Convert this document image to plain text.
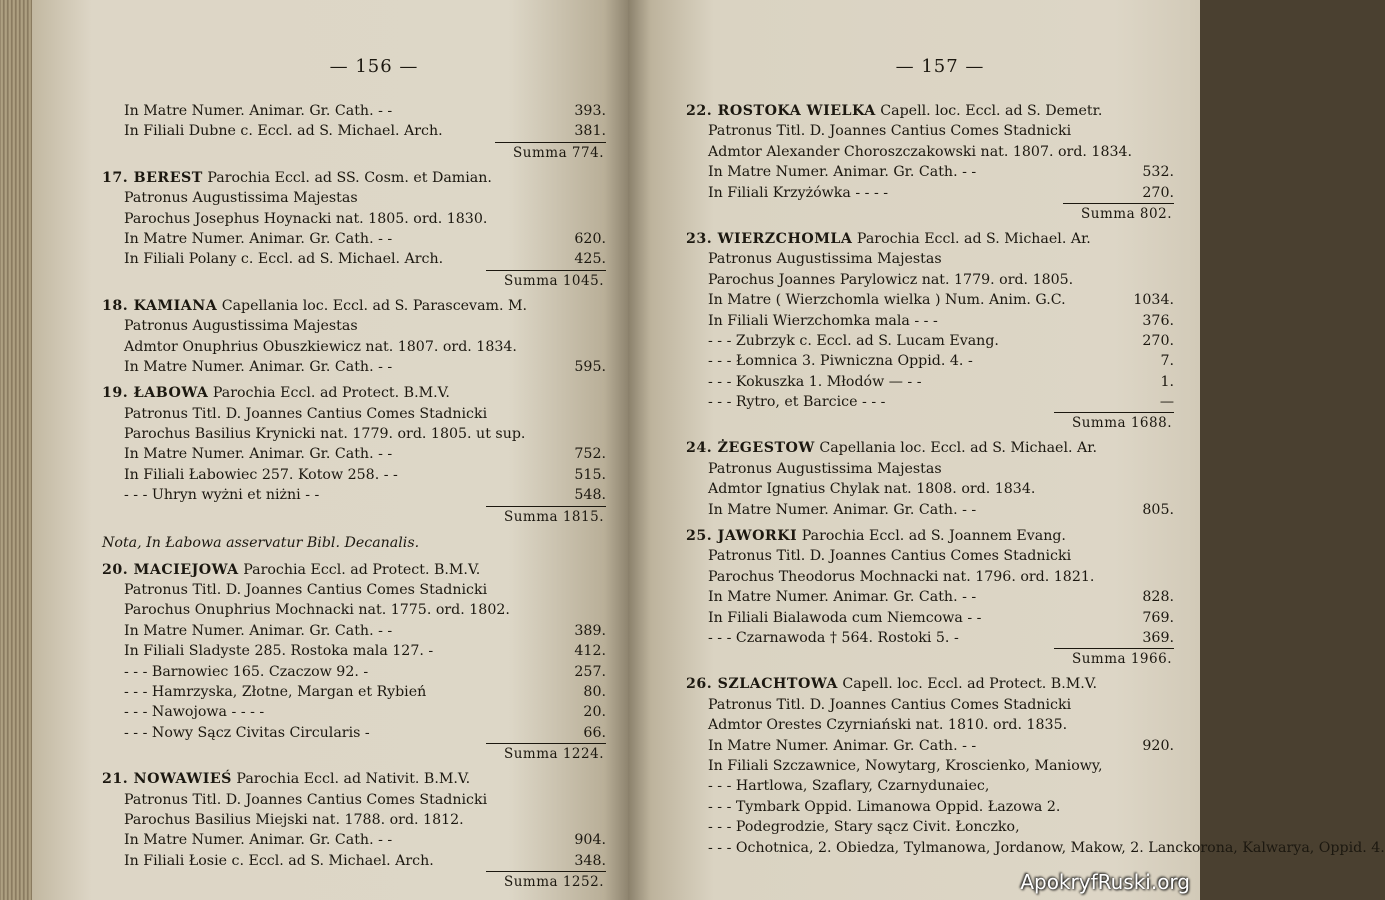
— 156 —
In Matre Numer. Animar. Gr. Cath. - -	393.
In Filiali Dubne c. Eccl. ad S. Michael. Arch.	381.
Summa 774.
17. BEREST Parochia Eccl. ad SS. Cosm. et Damian.
Patronus Augustissima Majestas
Parochus Josephus Hoynacki nat. 1805. ord. 1830.
In Matre Numer. Animar. Gr. Cath. - -	620.
In Filiali Polany c. Eccl. ad S. Michael. Arch.	425.
Summa 1045.
18. KAMIANA Capellania loc. Eccl. ad S. Parascevam. M.
Patronus Augustissima Majestas
Admtor Onuphrius Obuszkiewicz nat. 1807. ord. 1834.
In Matre Numer. Animar. Gr. Cath. - -	595.
19. ŁABOWA Parochia Eccl. ad Protect. B.M.V.
Patronus Titl. D. Joannes Cantius Comes Stadnicki
Parochus Basilius Krynicki nat. 1779. ord. 1805. ut sup.
In Matre Numer. Animar. Gr. Cath. - -	752.
In Filiali Łabowiec 257. Kotow 258. - -	515.
- - - Uhryn wyżni et niżni - -	548.
Summa 1815.
Nota, In Łabowa asservatur Bibl. Decanalis.
20. MACIEJOWA Parochia Eccl. ad Protect. B.M.V.
Patronus Titl. D. Joannes Cantius Comes Stadnicki
Parochus Onuphrius Mochnacki nat. 1775. ord. 1802.
In Matre Numer. Animar. Gr. Cath. - -	389.
In Filiali Sladyste 285. Rostoka mala 127. -	412.
- - - Barnowiec 165. Czaczow 92. -	257.
- - - Hamrzyska, Złotne, Margan et Rybień	80.
- - - Nawojowa - - - -	20.
- - - Nowy Sącz Civitas Circularis -	66.
Summa 1224.
21. NOWAWIEŚ Parochia Eccl. ad Nativit. B.M.V.
Patronus Titl. D. Joannes Cantius Comes Stadnicki
Parochus Basilius Miejski nat. 1788. ord. 1812.
In Matre Numer. Animar. Gr. Cath. - -	904.
In Filiali Łosie c. Eccl. ad S. Michael. Arch.	348.
Summa 1252.
— 157 —
22. ROSTOKA WIELKA Capell. loc. Eccl. ad S. Demetr.
Patronus Titl. D. Joannes Cantius Comes Stadnicki
Admtor Alexander Choroszczakowski nat. 1807. ord. 1834.
In Matre Numer. Animar. Gr. Cath. - -	532.
In Filiali Krzyżówka - - - -	270.
Summa 802.
23. WIERZCHOMLA Parochia Eccl. ad S. Michael. Ar.
Patronus Augustissima Majestas
Parochus Joannes Parylowicz nat. 1779. ord. 1805.
In Matre ( Wierzchomla wielka ) Num. Anim. G.C.	1034.
In Filiali Wierzchomka mala - - -	376.
- - - Zubrzyk c. Eccl. ad S. Lucam Evang.	270.
- - - Łomnica 3. Piwniczna Oppid. 4. -	7.
- - - Kokuszka 1. Młodów — - -	1.
- - - Rytro, et Barcice - - -	—
Summa 1688.
24. ŻEGESTOW Capellania loc. Eccl. ad S. Michael. Ar.
Patronus Augustissima Majestas
Admtor Ignatius Chylak nat. 1808. ord. 1834.
In Matre Numer. Animar. Gr. Cath. - -	805.
25. JAWORKI Parochia Eccl. ad S. Joannem Evang.
Patronus Titl. D. Joannes Cantius Comes Stadnicki
Parochus Theodorus Mochnacki nat. 1796. ord. 1821.
In Matre Numer. Animar. Gr. Cath. - -	828.
In Filiali Bialawoda cum Niemcowa - -	769.
- - - Czarnawoda † 564. Rostoki 5. -	369.
Summa 1966.
26. SZLACHTOWA Capell. loc. Eccl. ad Protect. B.M.V.
Patronus Titl. D. Joannes Cantius Comes Stadnicki
Admtor Orestes Czyrniański nat. 1810. ord. 1835.
In Matre Numer. Animar. Gr. Cath. - -	920.
In Filiali Szczawnice, Nowytarg, Kroscienko, Maniowy,
- - - Hartlowa, Szaflary, Czarnydunaiec,
- - - Tymbark Oppid. Limanowa Oppid. Łazowa 2.
- - - Podegrodzie, Stary sącz Civit. Łonczko,
- - - Ochotnica, 2. Obiedza, Tylmanowa, Jordanow, Makow, 2. Lanckorona, Kalwarya, Oppid. 4.
ApokryfRuski.org
